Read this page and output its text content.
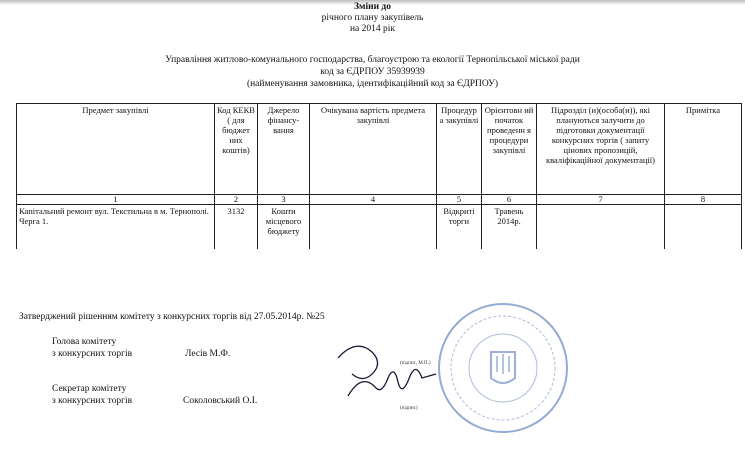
Зміни до
річного плану закупівель
на 2014 рік
Управління житлово-комунального господарства, благоустрою та екології Тернопільської міської ради
код за ЄДРПОУ 35939939
(найменування замовника, ідентифікаційний код за ЄДРПОУ)
Предмет закупівлі	Код КЕКВ ( для бюджет них коштів)	Джерело фінансу- вання	Очікувана вартість предмета закупівлі	Процедур а закупівлі	Орієнтовн ий початок проведенн я процедури закупівлі	Підрозділ (и)(особа(и)), які плануються залучити до підготовки документації конкурсних торгів ( запиту цінових пропозицій, кваліфікаційної документації)	Примітка
1	2	3	4	5	6	7	8
Капітальний ремонт вул. Текстильна в м. Тернополі. Черга 1.	3132	Кошти місцевого бюджету		Відкриті торги	Травень 2014р.		
Затверджений рішенням комітету з конкурсних торгів від 27.05.2014р. №25
Голова комітету
з конкурсних торгів	Лесів М.Ф.
Секретар комітету
з конкурсних торгів	Соколовський О.І.
(підпис, М.П.)
(підпис)
